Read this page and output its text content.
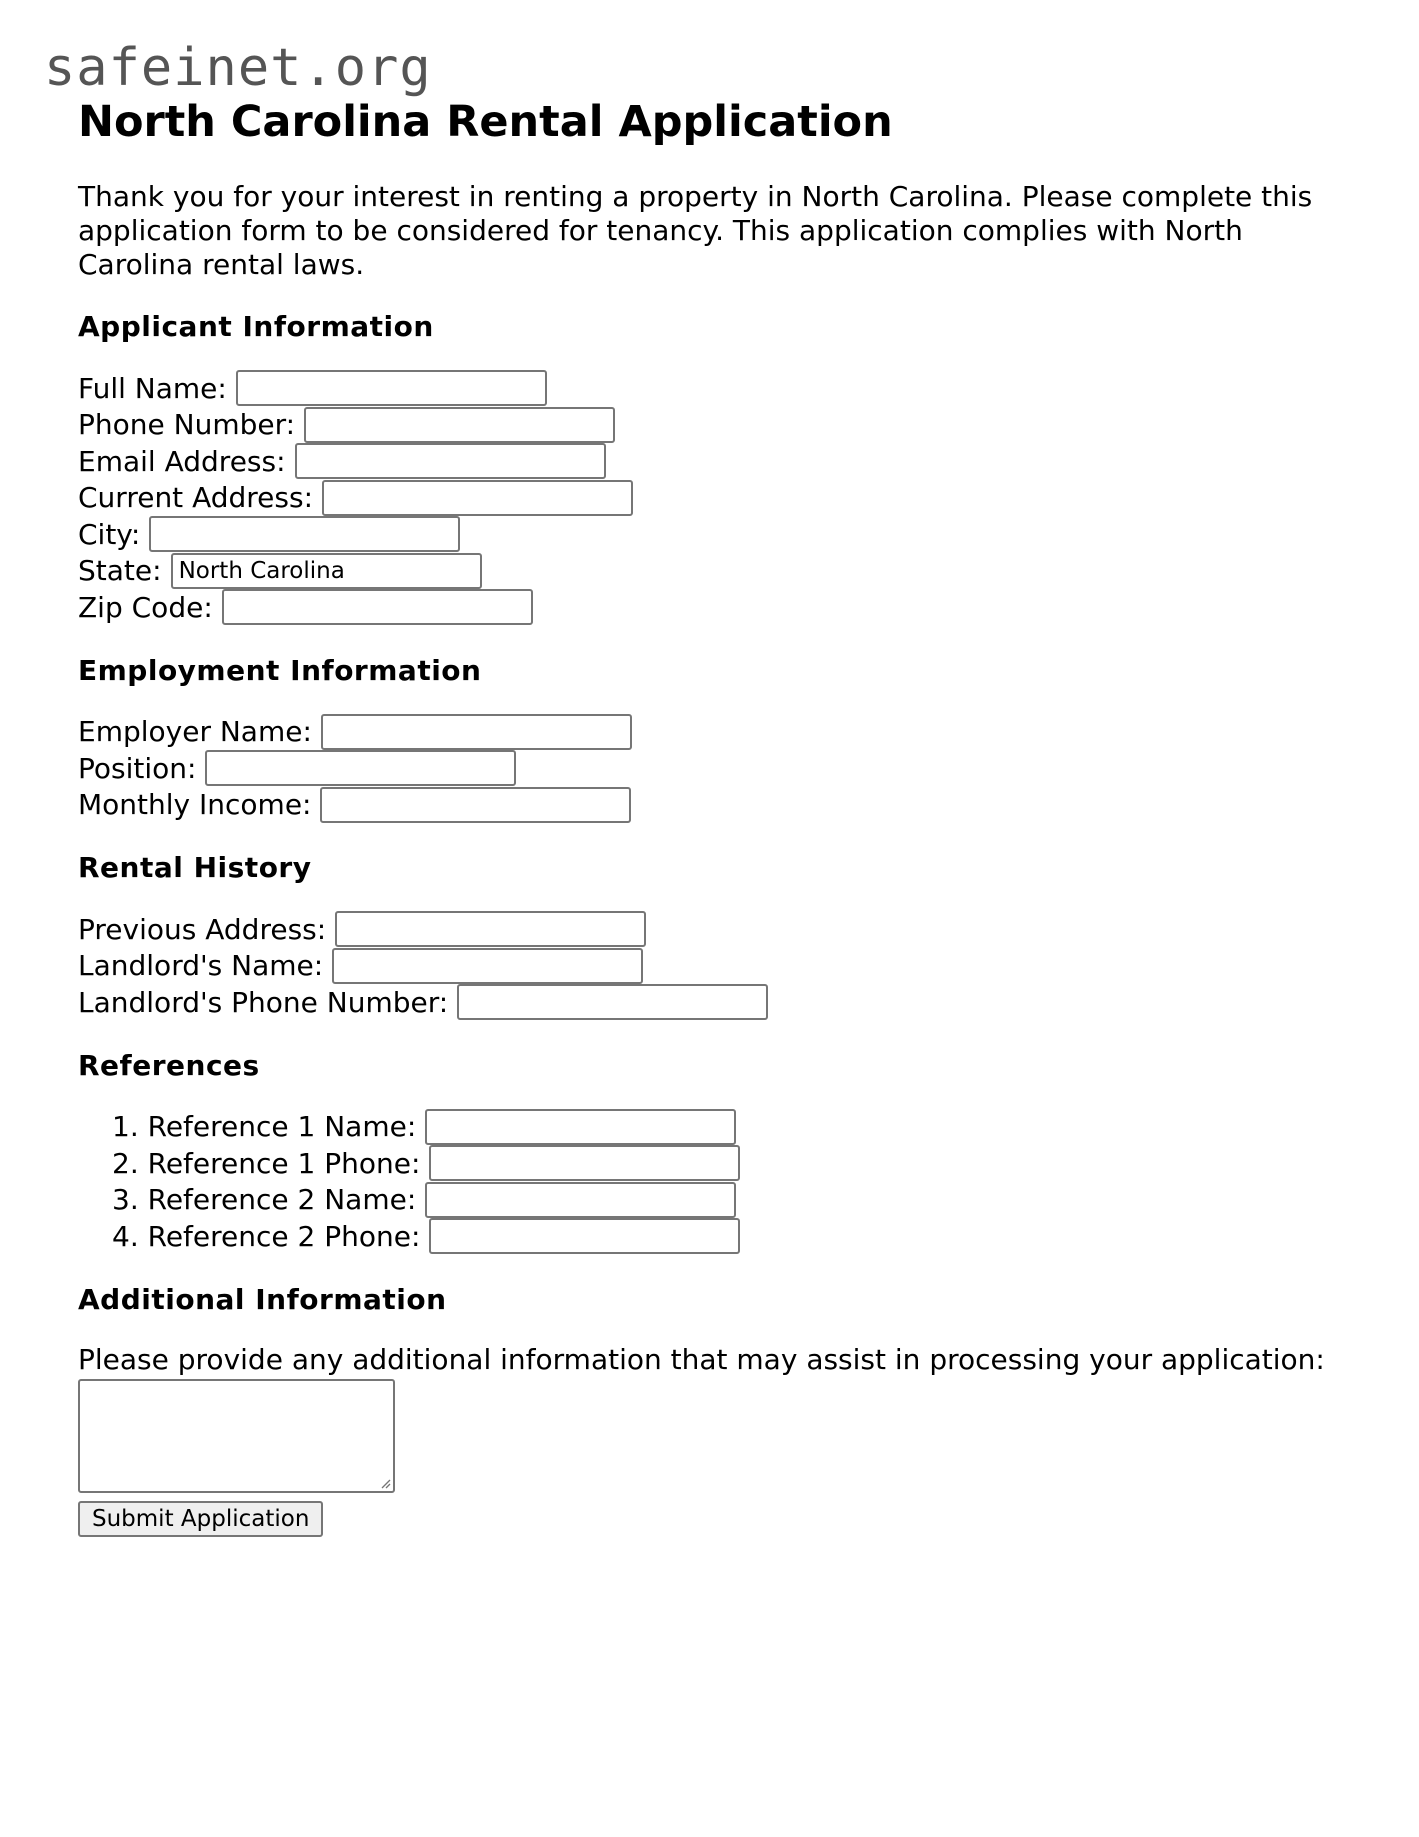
safeinet.org
North Carolina Rental Application

Thank you for your interest in renting a property in North Carolina. Please complete this application form to be considered for tenancy. This application complies with North Carolina rental laws.

Applicant Information
Full Name:
Phone Number:
Email Address:
Current Address:
City:
State: North Carolina
Zip Code:
Employment Information
Employer Name:
Position:
Monthly Income:
Rental History
Previous Address:
Landlord's Name:
Landlord's Phone Number:
References
1. Reference 1 Name:
2. Reference 1 Phone:
3. Reference 2 Name:
4. Reference 2 Phone:
Additional Information
Please provide any additional information that may assist in processing your application:
Submit Application
